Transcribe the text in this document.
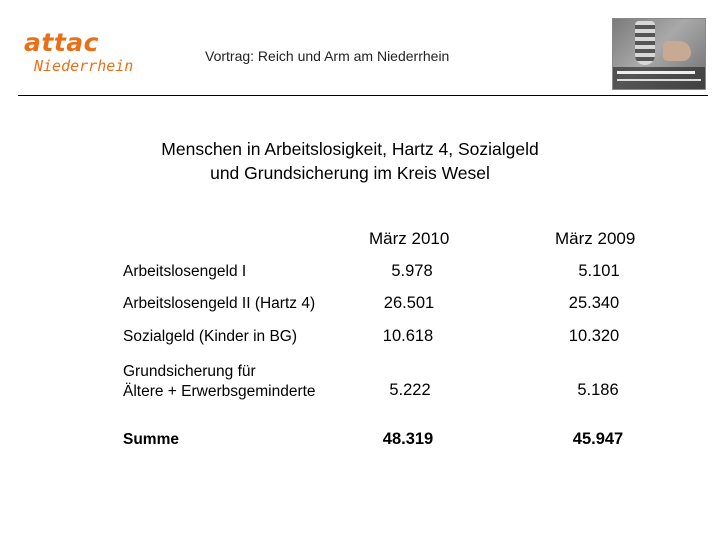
attac
Niederrhein
Vortrag: Reich und Arm am Niederrhein
Menschen in Arbeitslosigkeit, Hartz 4, Sozialgeld
und Grundsicherung im Kreis Wesel
März 2010	März 2009
Arbeitslosengeld I	5.978	5.101
Arbeitslosengeld II (Hartz 4)	26.501	25.340
Sozialgeld (Kinder in BG)	10.618	10.320
Grundsicherung für
Ältere + Erwerbsgeminderte	5.222	5.186
Summe	48.319	45.947
